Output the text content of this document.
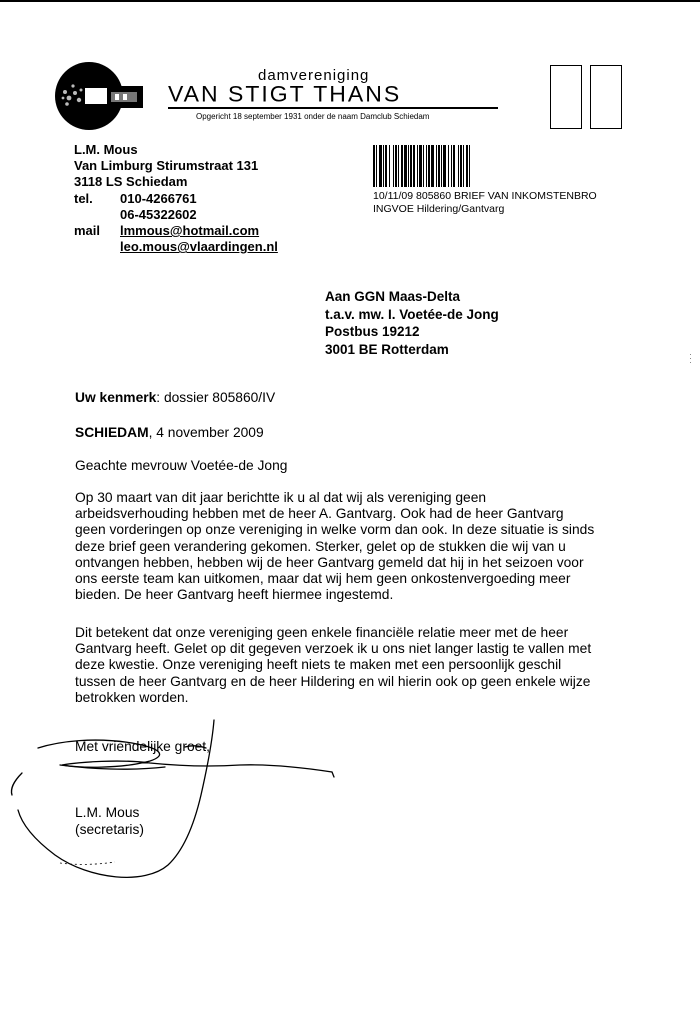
damvereniging
VAN STIGT THANS
Opgericht 18 september 1931 onder de naam Damclub Schiedam
L.M. Mous
Van Limburg Stirumstraat 131
3118 LS Schiedam
tel. 010-4266761
06-45322602
mail lmmous@hotmail.com
leo.mous@vlaardingen.nl
10/11/09 805860 BRIEF VAN INKOMSTENBRO
INGVOE Hildering/Gantvarg
Aan GGN Maas-Delta
t.a.v. mw. I. Voetée-de Jong
Postbus 19212
3001 BE Rotterdam
Uw kenmerk: dossier 805860/IV
SCHIEDAM, 4 november 2009
Geachte mevrouw Voetée-de Jong
Op 30 maart van dit jaar berichtte ik u al dat wij als vereniging geen
arbeidsverhouding hebben met de heer A. Gantvarg. Ook had de heer Gantvarg
geen vorderingen op onze vereniging in welke vorm dan ook. In deze situatie is sinds
deze brief geen verandering gekomen. Sterker, gelet op de stukken die wij van u
ontvangen hebben, hebben wij de heer Gantvarg gemeld dat hij in het seizoen voor
ons eerste team kan uitkomen, maar dat wij hem geen onkostenvergoeding meer
bieden. De heer Gantvarg heeft hiermee ingestemd.
Dit betekent dat onze vereniging geen enkele financiële relatie meer met de heer
Gantvarg heeft. Gelet op dit gegeven verzoek ik u ons niet langer lastig te vallen met
deze kwestie. Onze vereniging heeft niets te maken met een persoonlijk geschil
tussen de heer Gantvarg en de heer Hildering en wil hierin ook op geen enkele wijze
betrokken worden.
Met vriendelijke groet,
L.M. Mous
(secretaris)
